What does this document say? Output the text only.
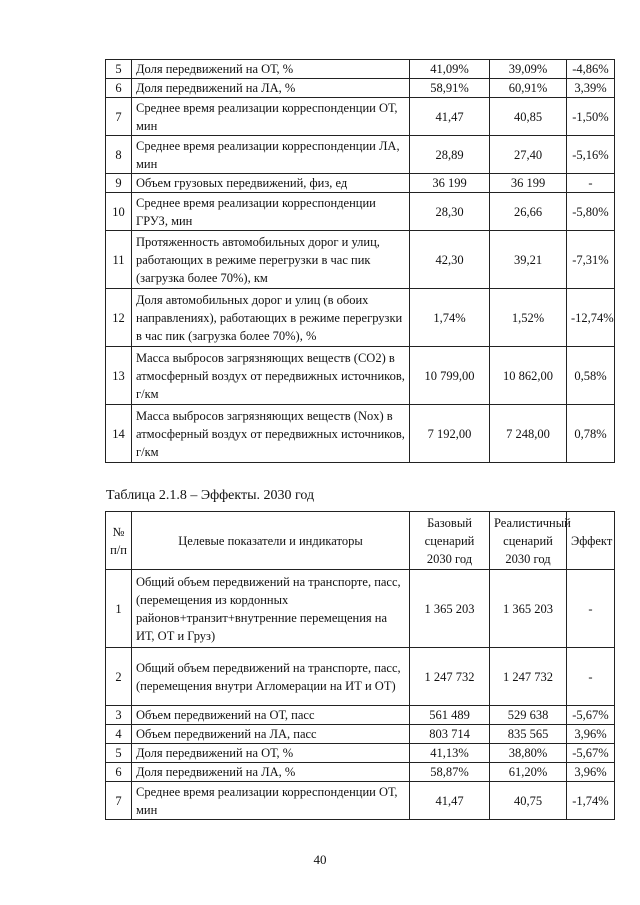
5	Доля передвижений на ОТ, %	41,09%	39,09%	-4,86%
6	Доля передвижений на ЛА, %	58,91%	60,91%	3,39%
7	Среднее время реализации корреспонденции ОТ, мин	41,47	40,85	-1,50%
8	Среднее время реализации корреспонденции ЛА, мин	28,89	27,40	-5,16%
9	Объем грузовых передвижений, физ, ед	36 199	36 199	-
10	Среднее время реализации корреспонденции ГРУЗ, мин	28,30	26,66	-5,80%
11	Протяженность автомобильных дорог и улиц, работающих в режиме перегрузки в час пик (загрузка более 70%), км	42,30	39,21	-7,31%
12	Доля автомобильных дорог и улиц (в обоих направлениях), работающих в режиме перегрузки в час пик (загрузка более 70%), %	1,74%	1,52%	-12,74%
13	Масса выбросов загрязняющих веществ (СО2) в атмосферный воздух от передвижных источников, г/км	10 799,00	10 862,00	0,58%
14	Масса выбросов загрязняющих веществ (Nox) в атмосферный воздух от передвижных источников, г/км	7 192,00	7 248,00	0,78%
Таблица 2.1.8 – Эффекты. 2030 год
№ п/п	Целевые показатели и индикаторы	Базовый сценарий 2030 год	Реалистичный сценарий 2030 год	Эффект
1	Общий объем передвижений на транспорте, пасс, (перемещения из кордонных районов+транзит+внутренние перемещения на ИТ, ОТ и Груз)	1 365 203	1 365 203	-
2	Общий объем передвижений на транспорте, пасс, (перемещения внутри Агломерации на ИТ и ОТ)	1 247 732	1 247 732	-
3	Объем передвижений на ОТ, пасс	561 489	529 638	-5,67%
4	Объем передвижений на ЛА, пасс	803 714	835 565	3,96%
5	Доля передвижений на ОТ, %	41,13%	38,80%	-5,67%
6	Доля передвижений на ЛА, %	58,87%	61,20%	3,96%
7	Среднее время реализации корреспонденции ОТ, мин	41,47	40,75	-1,74%
40
